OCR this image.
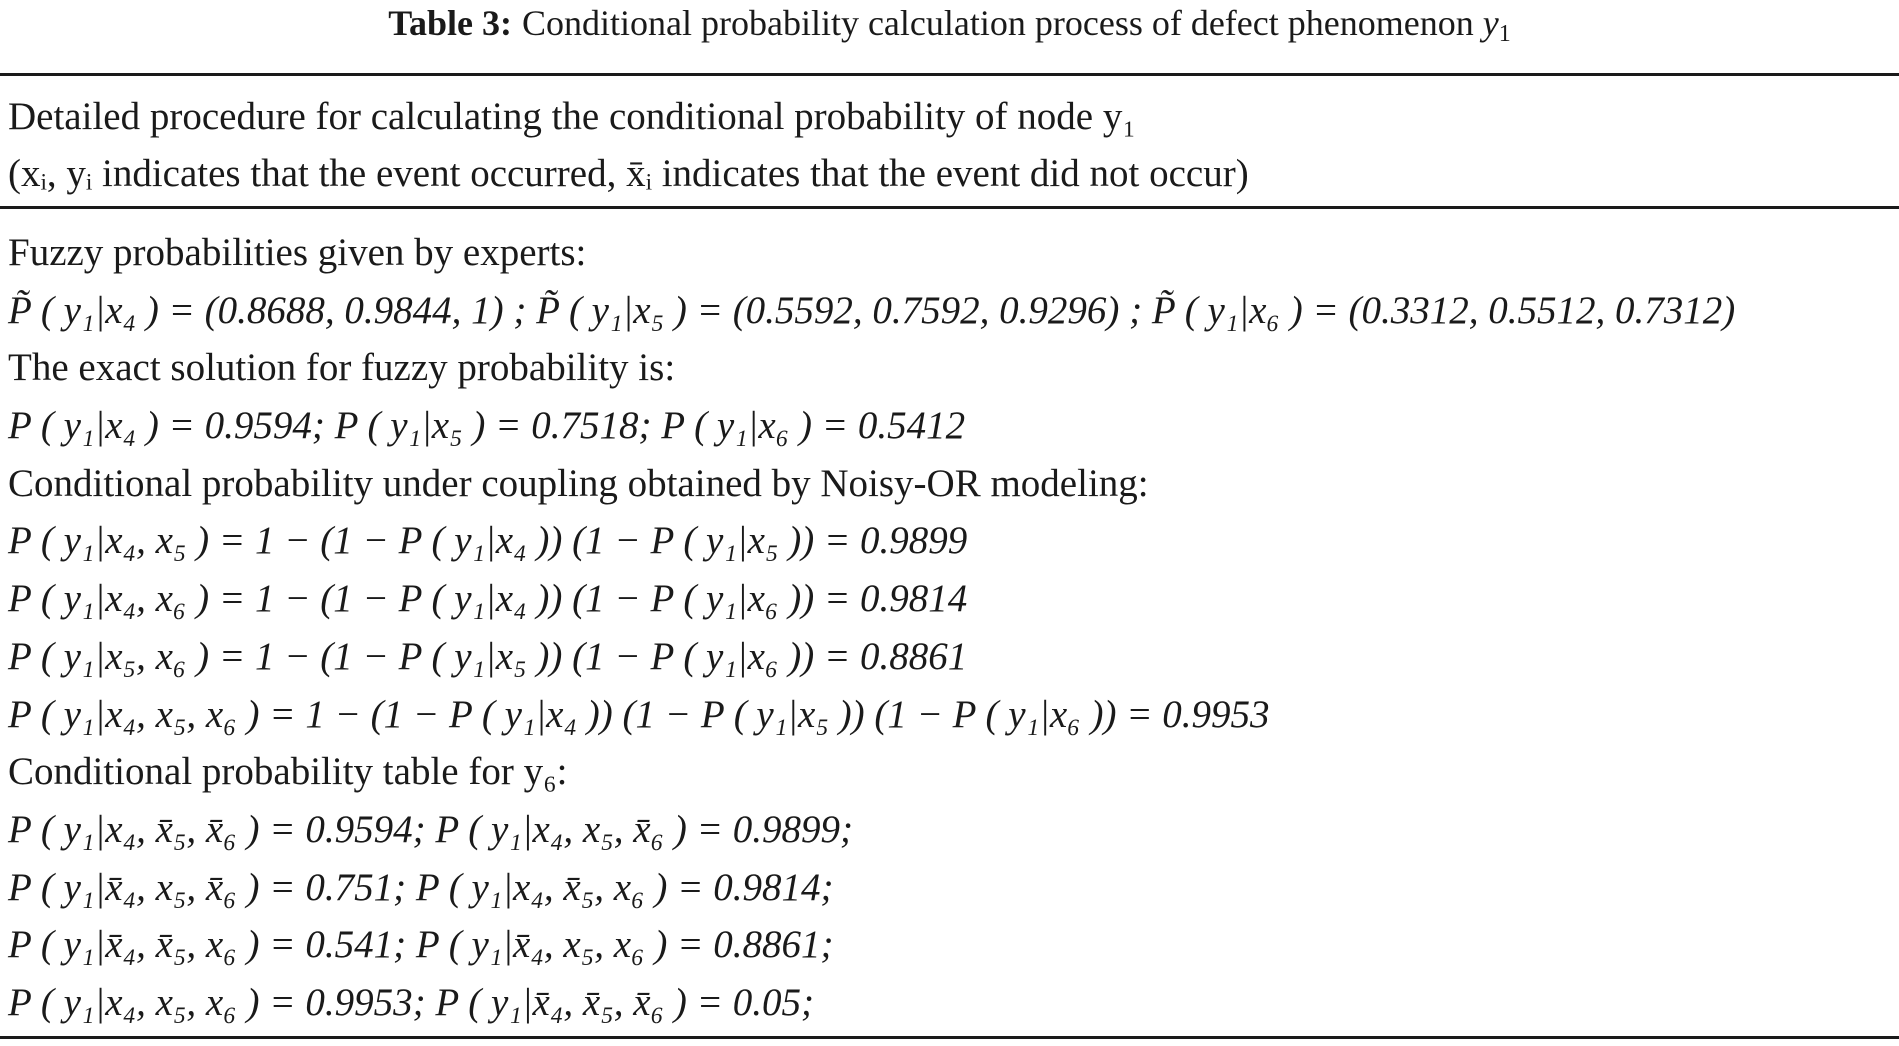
Table 3: Conditional probability calculation process of defect phenomenon y1
Detailed procedure for calculating the conditional probability of node y₁
(xᵢ, yᵢ indicates that the event occurred, x̄ᵢ indicates that the event did not occur)
Fuzzy probabilities given by experts:
P̃ ( y₁|x₄ ) = (0.8688, 0.9844, 1) ; P̃ ( y₁|x₅ ) = (0.5592, 0.7592, 0.9296) ; P̃ ( y₁|x₆ ) = (0.3312, 0.5512, 0.7312)
The exact solution for fuzzy probability is:
P ( y₁|x₄ ) = 0.9594; P ( y₁|x₅ ) = 0.7518; P ( y₁|x₆ ) = 0.5412
Conditional probability under coupling obtained by Noisy-OR modeling:
P ( y₁|x₄, x₅ ) = 1 − (1 − P ( y₁|x₄ )) (1 − P ( y₁|x₅ )) = 0.9899
P ( y₁|x₄, x₆ ) = 1 − (1 − P ( y₁|x₄ )) (1 − P ( y₁|x₆ )) = 0.9814
P ( y₁|x₅, x₆ ) = 1 − (1 − P ( y₁|x₅ )) (1 − P ( y₁|x₆ )) = 0.8861
P ( y₁|x₄, x₅, x₆ ) = 1 − (1 − P ( y₁|x₄ )) (1 − P ( y₁|x₅ )) (1 − P ( y₁|x₆ )) = 0.9953
Conditional probability table for y₆:
P ( y₁|x₄, x̄₅, x̄₆ ) = 0.9594; P ( y₁|x₄, x₅, x̄₆ ) = 0.9899;
P ( y₁|x̄₄, x₅, x̄₆ ) = 0.751; P ( y₁|x₄, x̄₅, x₆ ) = 0.9814;
P ( y₁|x̄₄, x̄₅, x₆ ) = 0.541; P ( y₁|x̄₄, x₅, x₆ ) = 0.8861;
P ( y₁|x₄, x₅, x₆ ) = 0.9953; P ( y₁|x̄₄, x̄₅, x̄₆ ) = 0.05;
